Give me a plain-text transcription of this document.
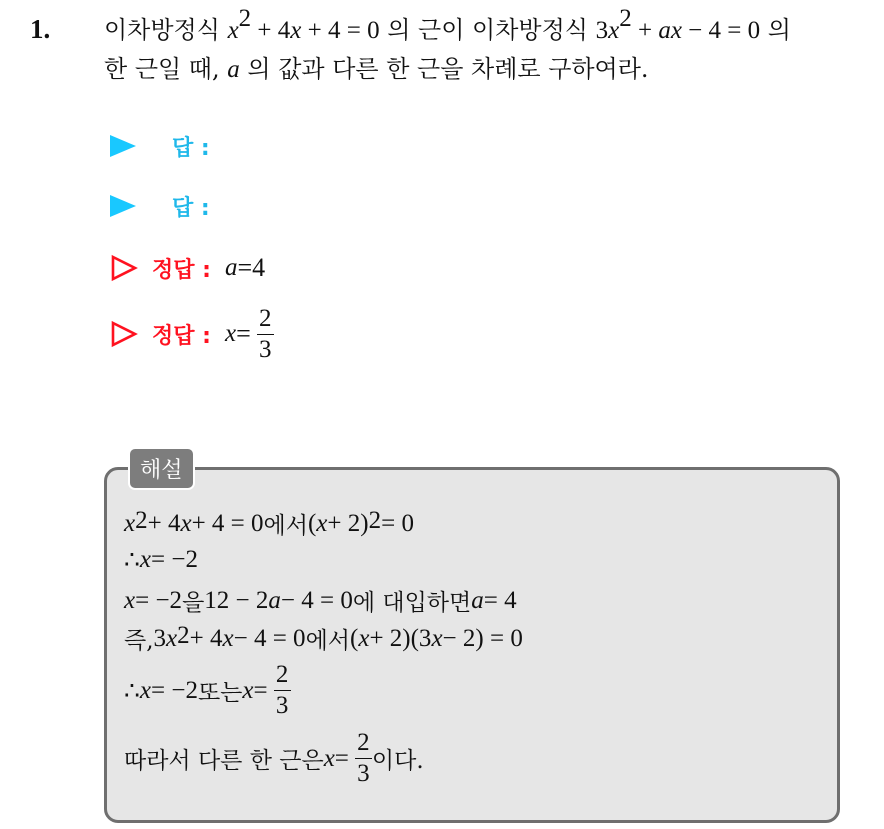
1. 이차방정식 $x^2 + 4x + 4 = 0$ 의 근이 이차방정식 $3x^2$ + ax − 4 = 0 의
한 근일 때, a 의 값과 다른 한 근을 차례로 구하여라.
답 :
답 :
정답 : a = 4
정답 : $x = \frac{2}{3}$
해설
$x^2 + 4$ x + 4 = 0 에서 ( x + 2)$^2$ = 0
∴ x = −2
x = −2 을 12 − 2 a − 4 = 0 에 대입하면 a = 4
즉, 3 $x^2 + 4$ x − 4 = 0 에서 ( x + 2)(3 x − 2) = 0
∴ x = −2 또는 $x = \frac{2}{3}$
따라서 다른 한 근은 $x = \frac{2}{3}$ 이다.
